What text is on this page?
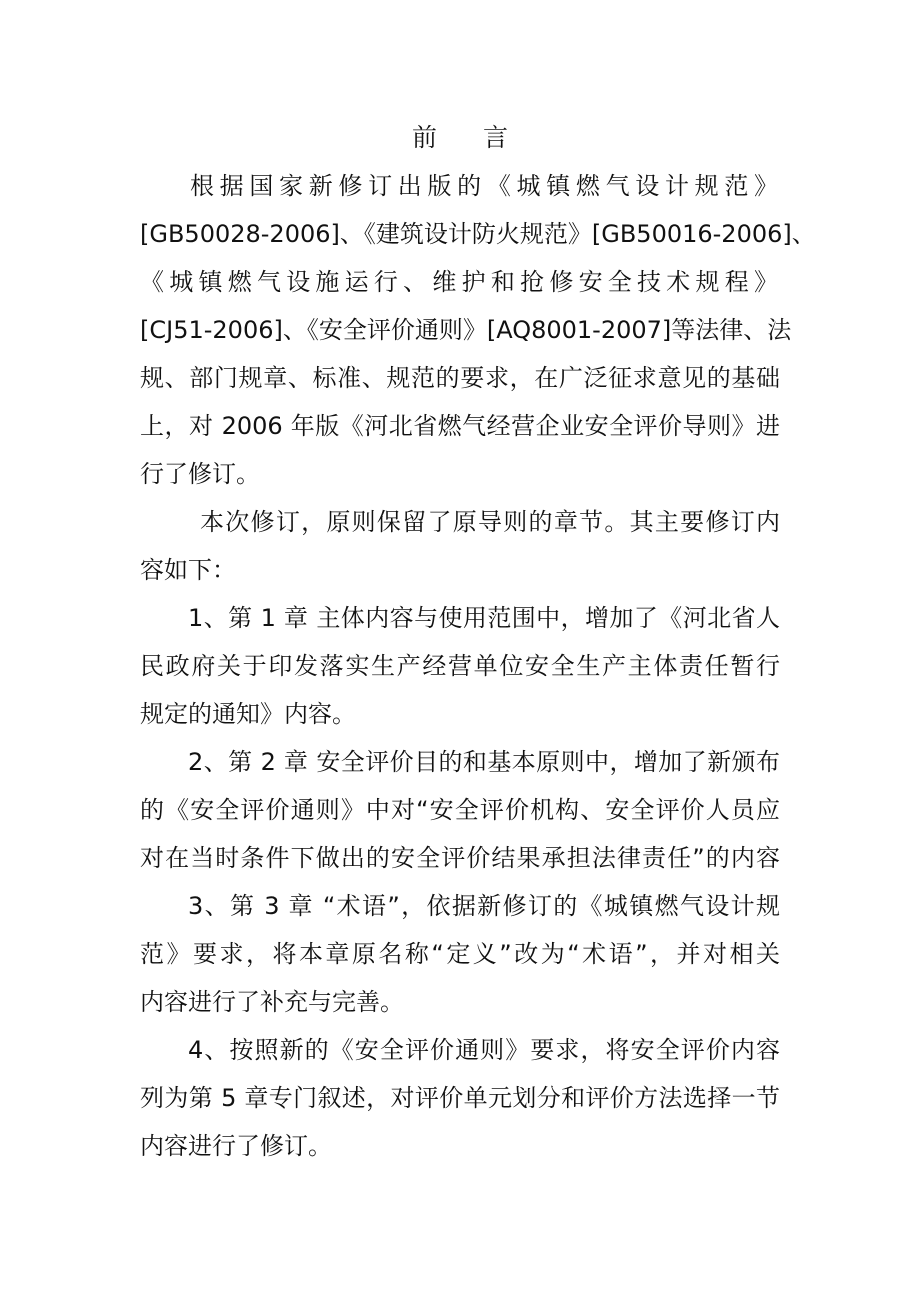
前言

根据国家新修订出版的《城镇燃气设计规范》

[GB50028-2006]、《建筑设计防火规范》[GB50016-2006]、

《城镇燃气设施运行、维护和抢修安全技术规程》

[CJ51-2006]、《安全评价通则》[AQ8001-2007]等法律、法

规、部门规章、标准、规范的要求，在广泛征求意见的基础

上，对 2006 年版《河北省燃气经营企业安全评价导则》进

行了修订。

本次修订，原则保留了原导则的章节。其主要修订内

容如下：

1、第 1 章 主体内容与使用范围中，增加了《河北省人

民政府关于印发落实生产经营单位安全生产主体责任暂行

规定的通知》内容。

2、第 2 章 安全评价目的和基本原则中，增加了新颁布

的《安全评价通则》中对“安全评价机构、安全评价人员应

对在当时条件下做出的安全评价结果承担法律责任”的内容

3、第 3 章 “术语”，依据新修订的《城镇燃气设计规

范》要求，将本章原名称“定义”改为“术语”，并对相关

内容进行了补充与完善。

4、按照新的《安全评价通则》要求，将安全评价内容

列为第 5 章专门叙述，对评价单元划分和评价方法选择一节

内容进行了修订。
